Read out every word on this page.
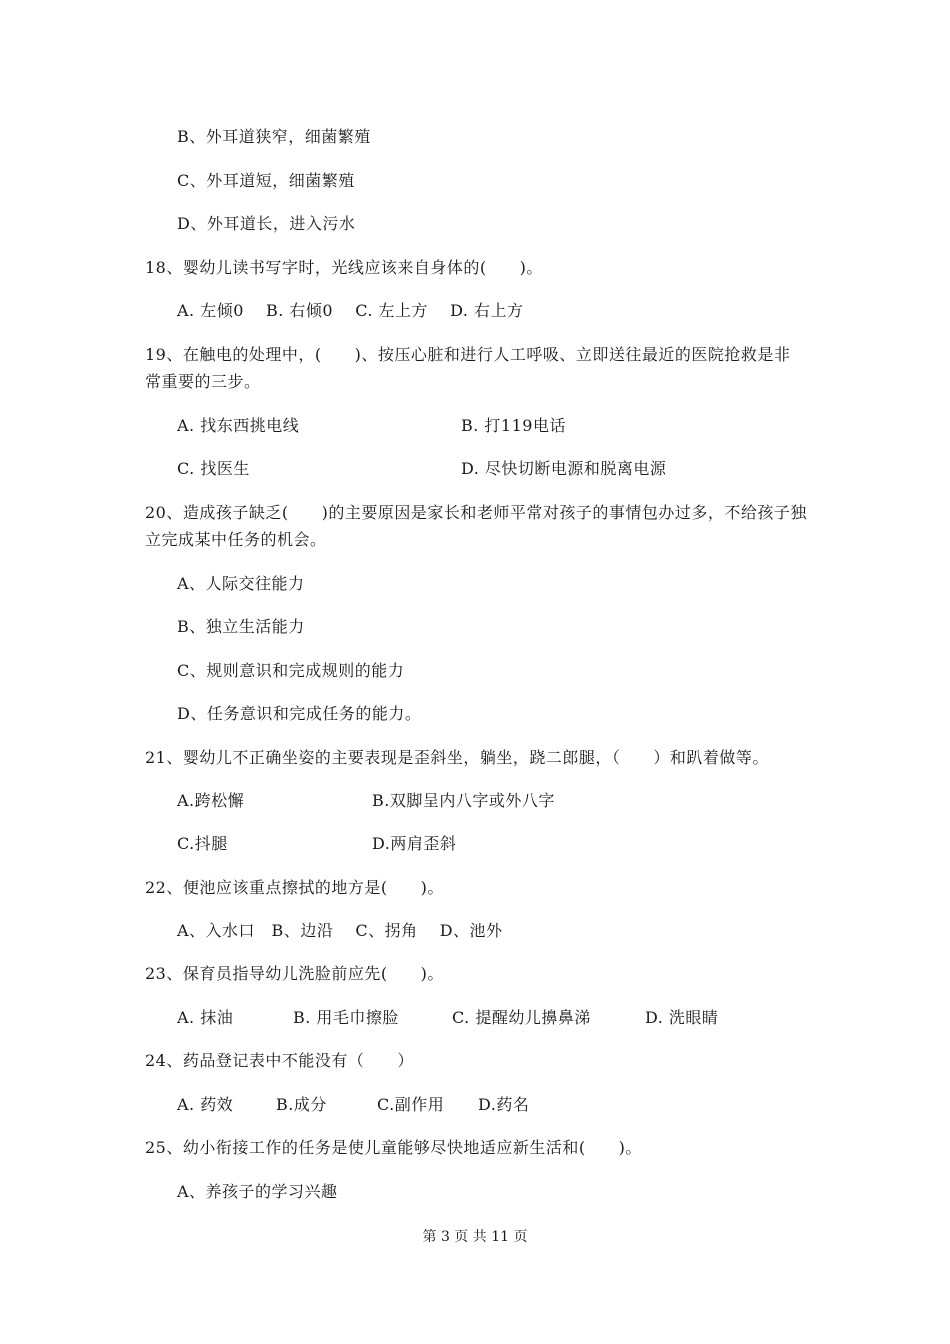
B、外耳道狭窄，细菌繁殖
C、外耳道短，细菌繁殖
D、外耳道长，进入污水
18、婴幼儿读书写字时，光线应该来自身体的(　　)。
A. 左倾0　 B. 右倾0　 C. 左上方　 D. 右上方
19、在触电的处理中，(　　)、按压心脏和进行人工呼吸、立即送往最近的医院抢救是非
常重要的三步。
A. 找东西挑电线	B. 打119电话
C. 找医生	D. 尽快切断电源和脱离电源
20、造成孩子缺乏(　　)的主要原因是家长和老师平常对孩子的事情包办过多，不给孩子独
立完成某中任务的机会。
A、人际交往能力
B、独立生活能力
C、规则意识和完成规则的能力
D、任务意识和完成任务的能力。
21、婴幼儿不正确坐姿的主要表现是歪斜坐，躺坐，跷二郎腿，（　　）和趴着做等。
A.跨松懈	B.双脚呈内八字或外八字
C.抖腿	D.两肩歪斜
22、便池应该重点擦拭的地方是(　　)。
A、入水口　B、边沿　 C、拐角　 D、池外
23、保育员指导幼儿洗脸前应先(　　)。
A. 抹油	B. 用毛巾擦脸	C. 提醒幼儿擤鼻涕	D. 洗眼睛
24、药品登记表中不能没有（　　）
A. 药效	B.成分	C.副作用 D.药名
25、幼小衔接工作的任务是使儿童能够尽快地适应新生活和(　　)。
A、养孩子的学习兴趣
第 3 页 共 11 页
